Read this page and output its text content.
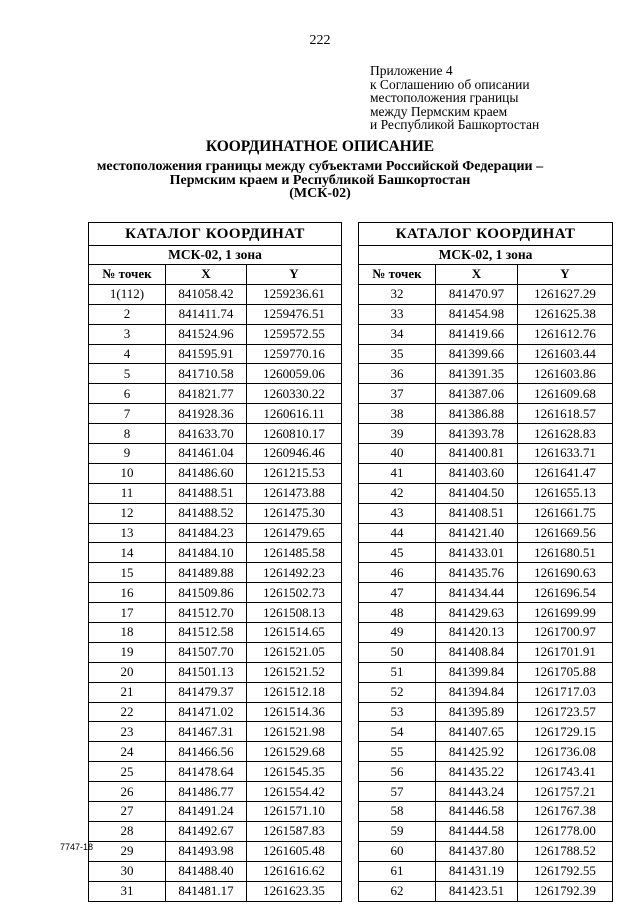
222
Приложение 4
к Соглашению об описании
местоположения границы
между Пермским краем
и Республикой Башкортостан
КООРДИНАТНОЕ ОПИСАНИЕ
местоположения границы между субъектами Российской Федерации –
Пермским краем и Республикой Башкортостан
(МСК-02)
КАТАЛОГ КООРДИНАТ		
МСК-02, 1 зона		
№ точек	X	Y
1(112)	841058.42	1259236.61
2	841411.74	1259476.51
3	841524.96	1259572.55
4	841595.91	1259770.16
5	841710.58	1260059.06
6	841821.77	1260330.22
7	841928.36	1260616.11
8	841633.70	1260810.17
9	841461.04	1260946.46
10	841486.60	1261215.53
11	841488.51	1261473.88
12	841488.52	1261475.30
13	841484.23	1261479.65
14	841484.10	1261485.58
15	841489.88	1261492.23
16	841509.86	1261502.73
17	841512.70	1261508.13
18	841512.58	1261514.65
19	841507.70	1261521.05
20	841501.13	1261521.52
21	841479.37	1261512.18
22	841471.02	1261514.36
23	841467.31	1261521.98
24	841466.56	1261529.68
25	841478.64	1261545.35
26	841486.77	1261554.42
27	841491.24	1261571.10
28	841492.67	1261587.83
29	841493.98	1261605.48
30	841488.40	1261616.62
31	841481.17	1261623.35
КАТАЛОГ КООРДИНАТ		
МСК-02, 1 зона		
№ точек	X	Y
32	841470.97	1261627.29
33	841454.98	1261625.38
34	841419.66	1261612.76
35	841399.66	1261603.44
36	841391.35	1261603.86
37	841387.06	1261609.68
38	841386.88	1261618.57
39	841393.78	1261628.83
40	841400.81	1261633.71
41	841403.60	1261641.47
42	841404.50	1261655.13
43	841408.51	1261661.75
44	841421.40	1261669.56
45	841433.01	1261680.51
46	841435.76	1261690.63
47	841434.44	1261696.54
48	841429.63	1261699.99
49	841420.13	1261700.97
50	841408.84	1261701.91
51	841399.84	1261705.88
52	841394.84	1261717.03
53	841395.89	1261723.57
54	841407.65	1261729.15
55	841425.92	1261736.08
56	841435.22	1261743.41
57	841443.24	1261757.21
58	841446.58	1261767.38
59	841444.58	1261778.00
60	841437.80	1261788.52
61	841431.19	1261792.55
62	841423.51	1261792.39
7747-18
